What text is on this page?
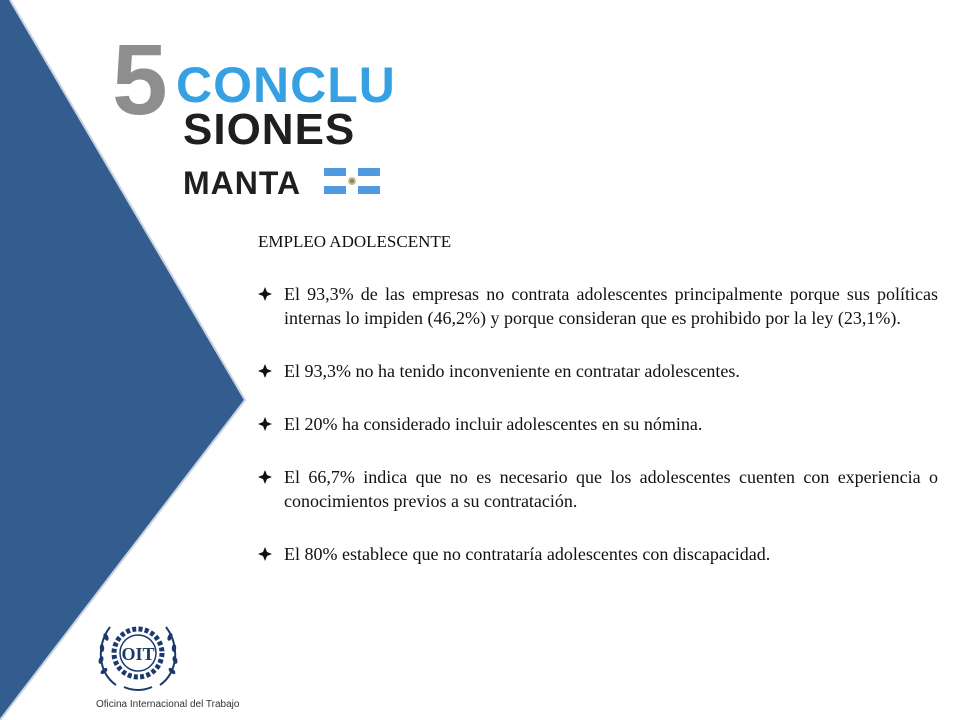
5 CONCLU
SIONES
MANTA
EMPLEO ADOLESCENTE
El 93,3% de las empresas no contrata adolescentes principalmente porque sus políticas internas lo impiden (46,2%) y porque consideran que es prohibido por la ley (23,1%).
El 93,3% no ha tenido inconveniente en contratar adolescentes.
El 20% ha considerado incluir adolescentes en su nómina.
El 66,7% indica que no es necesario que los adolescentes cuenten con experiencia o conocimientos previos a su contratación.
El 80% establece que no contrataría adolescentes con discapacidad.
OIT
Oficina Internacional del Trabajo
